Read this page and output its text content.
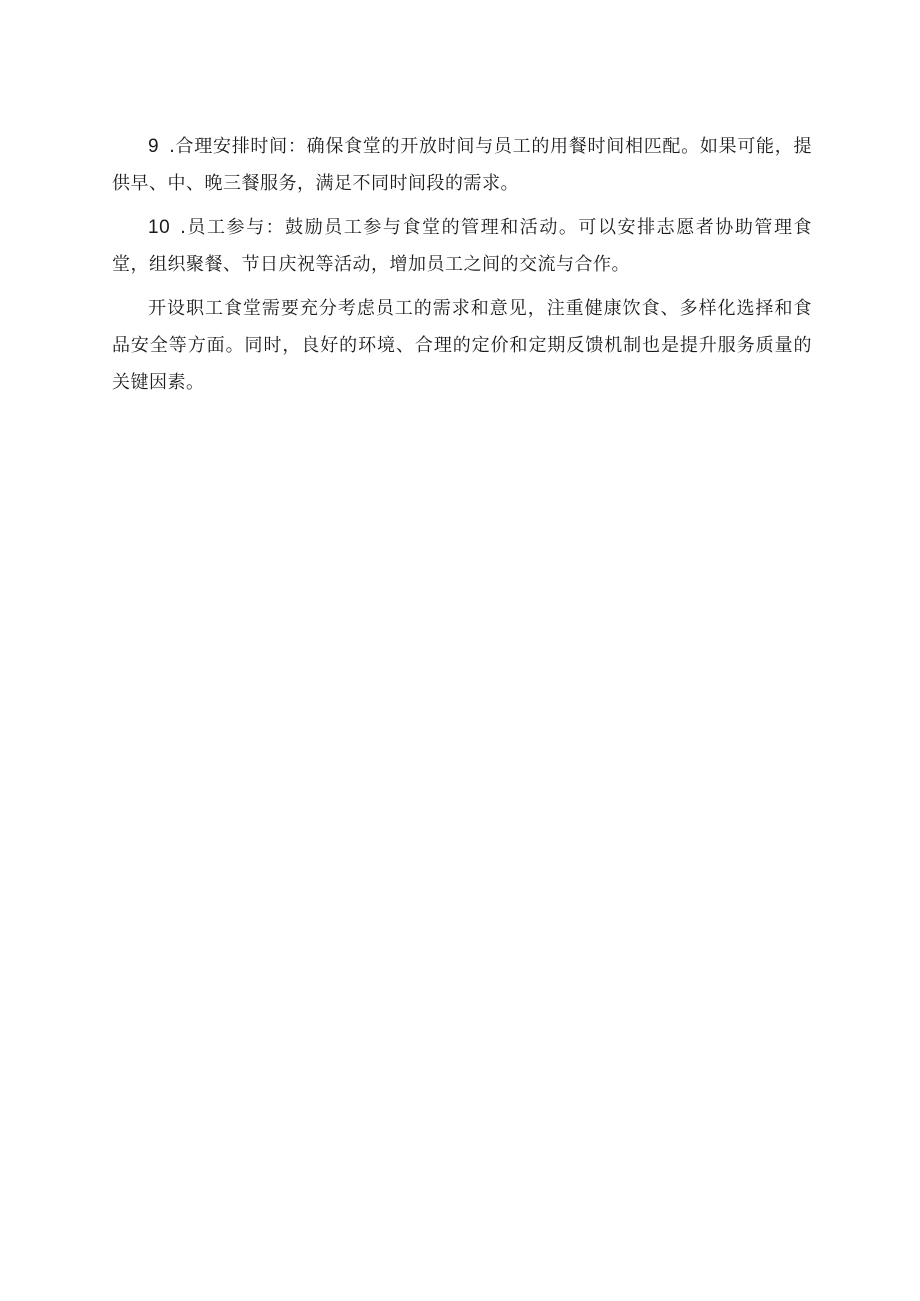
9 .合理安排时间：确保食堂的开放时间与员工的用餐时间相匹配。如果可能，提供早、中、晚三餐服务，满足不同时间段的需求。

10 .员工参与：鼓励员工参与食堂的管理和活动。可以安排志愿者协助管理食堂，组织聚餐、节日庆祝等活动，增加员工之间的交流与合作。

开设职工食堂需要充分考虑员工的需求和意见，注重健康饮食、多样化选择和食品安全等方面。同时，良好的环境、合理的定价和定期反馈机制也是提升服务质量的关键因素。
